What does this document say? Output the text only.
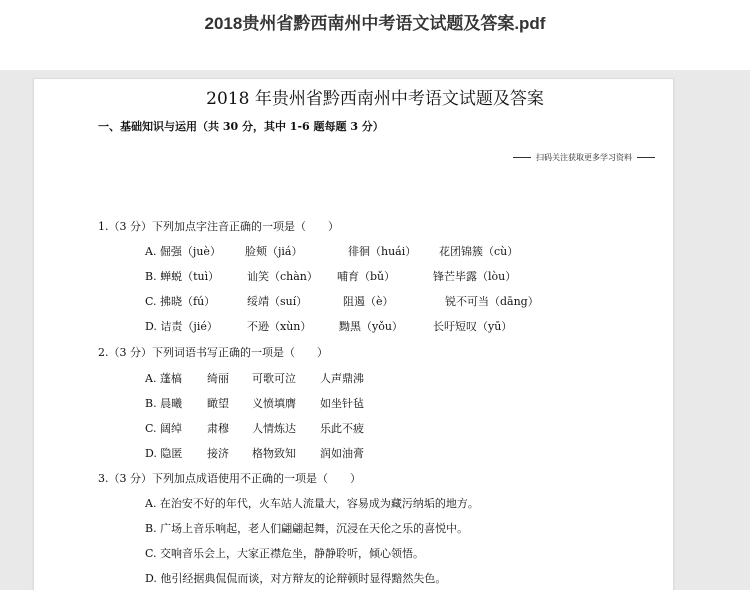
2018贵州省黔西南州中考语文试题及答案.pdf
扫码关注获取更多学习资料
2018 年贵州省黔西南州中考语文试题及答案
一、基础知识与运用（共 30 分，其中 1-6 题每题 3 分）
1.（3 分）下列加点字注音正确的一项是（　　）
A. 倔强（juè） 脸颊（jiá）	徘徊（huái） 花团锦簇（cù）
B. 蝉蜕（tuì）	讪笑（chàn） 哺育（bǔ）	锋芒毕露（lòu）
C. 拂晓（fú）	绥靖（suí）	阻遏（è）	锐不可当（dāng）
D. 诘责（jié）	不逊（xùn）	黝黑（yǒu）	长吁短叹（yū）
2.（3 分）下列词语书写正确的一项是（　　）
A. 蓬槁 绮丽 可歌可泣 人声鼎沸
B. 晨曦 瞰望 义愤填膺 如坐针毡
C. 阔绰 肃穆 人情炼达 乐此不疲
D. 隐匿 接济 格物致知 润如油膏
3.（3 分）下列加点成语使用不正确的一项是（　　）
A. 在治安不好的年代，火车站人流量大，容易成为藏污纳垢的地方。
B. 广场上音乐响起，老人们翩翩起舞，沉浸在天伦之乐的喜悦中。
C. 交响音乐会上，大家正襟危坐，静静聆听，倾心领悟。
D. 他引经据典侃侃而谈，对方辩友的论辩顿时显得黯然失色。
